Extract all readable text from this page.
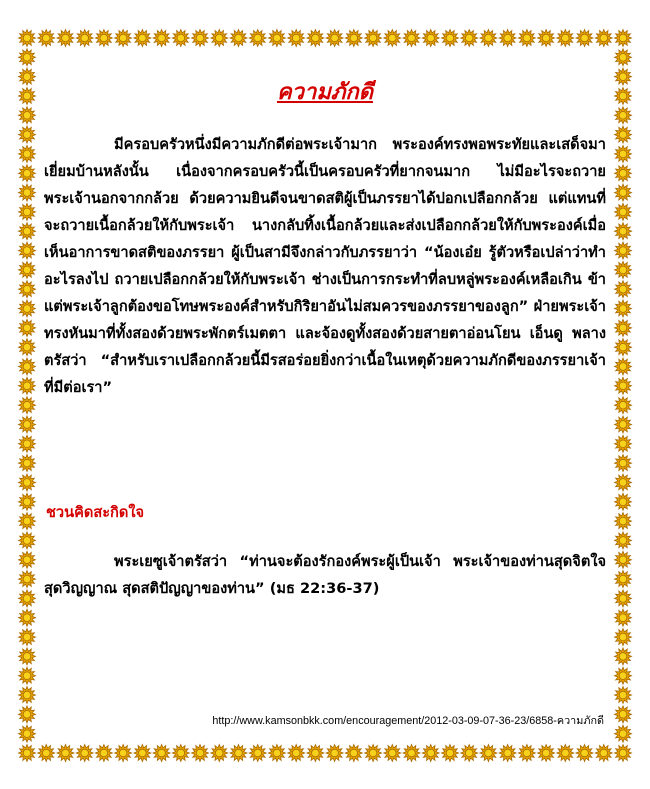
ความภักดี

มีครอบครัวหนึ่งมีความภักดีต่อพระเจ้ามาก พระองค์ทรงพอพระทัยและเสด็จมาเยี่ยมบ้านหลังนั้น เนื่องจากครอบครัวนี้เป็นครอบครัวที่ยากจนมาก ไม่มีอะไรจะถวายพระเจ้านอกจากกล้วย ด้วยความยินดีจนขาดสติผู้เป็นภรรยาได้ปอกเปลือกกล้วย แต่แทนที่จะถวายเนื้อกล้วยให้กับพระเจ้า นางกลับทิ้งเนื้อกล้วยและส่งเปลือกกล้วยให้กับพระองค์เมื่อเห็นอาการขาดสติของภรรยา ผู้เป็นสามีจึงกล่าวกับภรรยาว่า “น้องเอ๋ย รู้ตัวหรือเปล่าว่าทำอะไรลงไป ถวายเปลือกกล้วยให้กับพระเจ้า ช่างเป็นการกระทำที่ลบหลู่พระองค์เหลือเกิน ข้าแต่พระเจ้าลูกต้องขอโทษพระองค์สำหรับกิริยาอันไม่สมควรของภรรยาของลูก” ฝ่ายพระเจ้าทรงหันมาที่ทั้งสองด้วยพระพักตร์เมตตา และจ้องดูทั้งสองด้วยสายตาอ่อนโยน เอ็นดู พลางตรัสว่า “สำหรับเราเปลือกกล้วยนี้มีรสอร่อยยิ่งกว่าเนื้อในเหตุด้วยความภักดีของภรรยาเจ้าที่มีต่อเรา”

ชวนคิดสะกิดใจ

พระเยซูเจ้าตรัสว่า “ท่านจะต้องรักองค์พระผู้เป็นเจ้า พระเจ้าของท่านสุดจิตใจ สุดวิญญาณ สุดสติปัญญาของท่าน” (มธ 22:36-37)

http://www.kamsonbkk.com/encouragement/2012-03-09-07-36-23/6858-ความภักดี
